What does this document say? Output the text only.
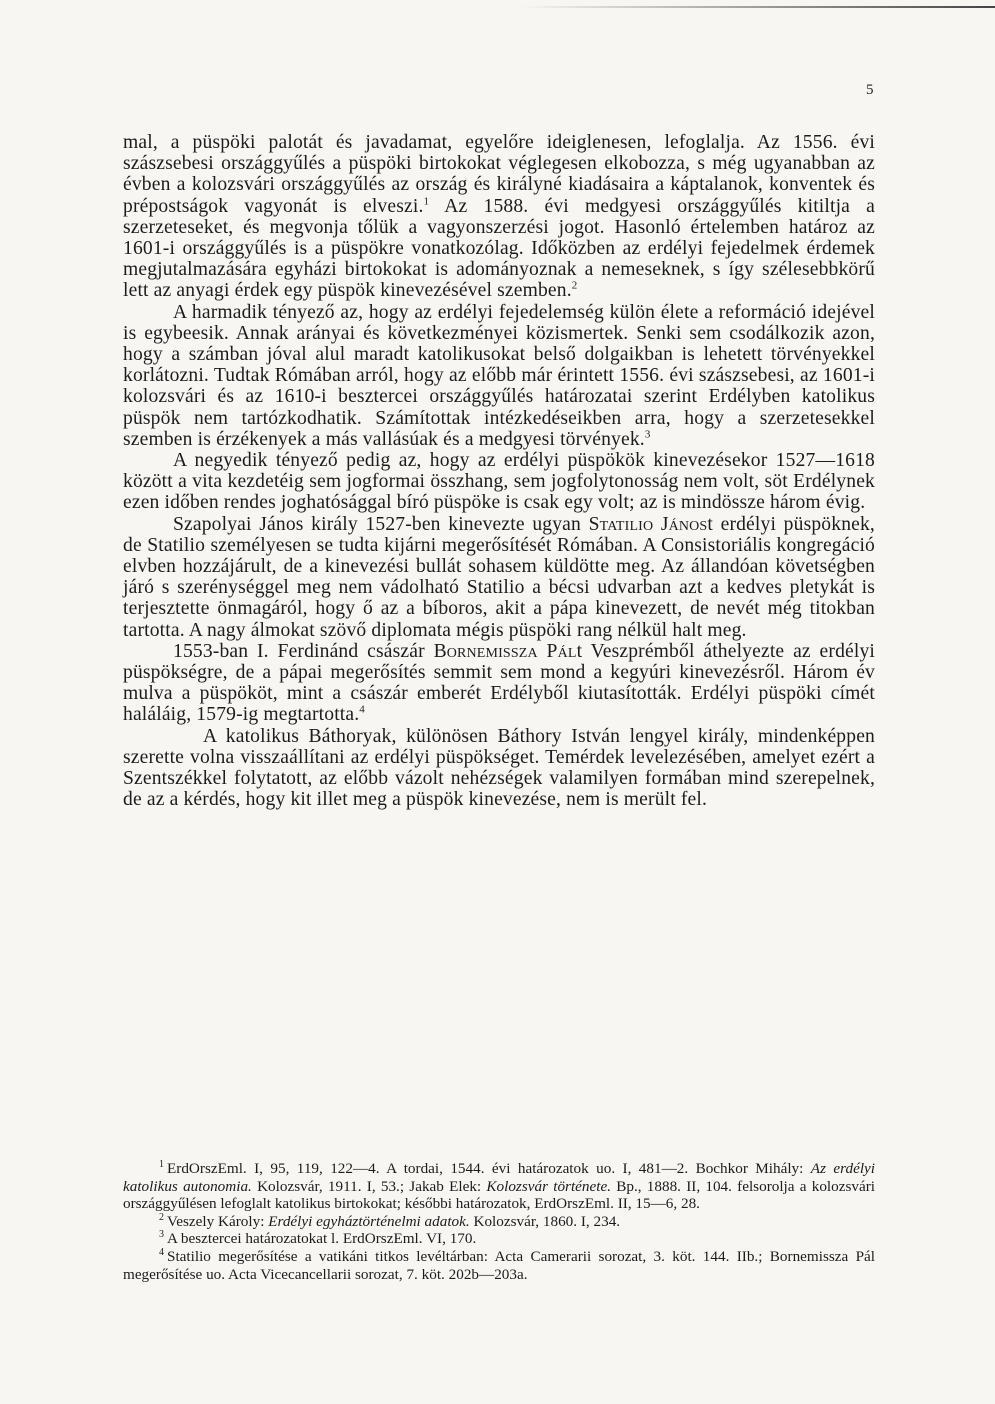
5

mal, a püspöki palotát és javadamat, egyelőre ideiglenesen, lefoglalja. Az 1556. évi szászsebesi országgyűlés a püspöki birtokokat véglegesen elkobozza, s még ugyanabban az évben a kolozsvári országgyűlés az ország és királyné kiadásaira a káptalanok, konventek és prépostságok vagyonát is elveszi.$^1$ Az 1588. évi medgyesi országgyűlés kitiltja a szerzeteseket, és megvonja tőlük a vagyonszerzési jogot. Hasonló értelemben határoz az 1601-i országgyűlés is a püspökre vonatkozólag. Időközben az erdélyi fejedelmek érdemek megjutalmazására egyházi birtokokat is adományoznak a nemeseknek, s így szélesebbkörű lett az anyagi érdek egy püspök kinevezésével szemben.$^2$

A harmadik tényező az, hogy az erdélyi fejedelemség külön élete a reformáció idejével is egybeesik. Annak arányai és következményei közismertek. Senki sem csodálkozik azon, hogy a számban jóval alul maradt katolikusokat belső dolgaikban is lehetett törvényekkel korlátozni. Tudtak Rómában arról, hogy az előbb már érintett 1556. évi szászsebesi, az 1601-i kolozsvári és az 1610-i besztercei országgyűlés határozatai szerint Erdélyben katolikus püspök nem tartózkodhatik. Számítottak intézkedéseikben arra, hogy a szerzetesekkel szemben is érzékenyek a más vallásúak és a medgyesi törvények.$^3$

A negyedik tényező pedig az, hogy az erdélyi püspökök kinevezésekor 1527—1618 között a vita kezdetéig sem jogformai összhang, sem jogfolytonosság nem volt, söt Erdélynek ezen időben rendes joghatósággal bíró püspöke is csak egy volt; az is mindössze három évig.

Szapolyai János király 1527-ben kinevezte ugyan Statilio Jánost erdélyi püspöknek, de Statilio személyesen se tudta kijárni megerősítését Rómában. A Consistoriális kongregáció elvben hozzájárult, de a kinevezési bullát sohasem küldötte meg. Az állandóan követségben járó s szerénységgel meg nem vádolható Statilio a bécsi udvarban azt a kedves pletykát is terjesztette önmagáról, hogy ő az a bíboros, akit a pápa kinevezett, de nevét még titokban tartotta. A nagy álmokat szövő diplomata mégis püspöki rang nélkül halt meg.

1553-ban I. Ferdinánd császár Bornemissza Pált Veszprémből áthelyezte az erdélyi püspökségre, de a pápai megerősítés semmit sem mond a kegyúri kinevezésről. Három év mulva a püspököt, mint a császár emberét Erdélyből kiutasították. Erdélyi püspöki címét haláláig, 1579-ig megtartotta.$^4$

A katolikus Báthoryak, különösen Báthory István lengyel király, mindenképpen szerette volna visszaállítani az erdélyi püspökséget. Temérdek levelezésében, amelyet ezért a Szentszékkel folytatott, az előbb vázolt nehézségek valamilyen formában mind szerepelnek, de az a kérdés, hogy kit illet meg a püspök kinevezése, nem is merült fel.

$^1$ ErdOrszEml. I, 95, 119, 122—4. A tordai, 1544. évi határozatok uo. I, 481—2. Bochkor Mihály: Az erdélyi katolikus autonomia. Kolozsvár, 1911. I, 53.; Jakab Elek: Kolozsvár története. Bp., 1888. II, 104. felsorolja a kolozsvári országgyűlésen lefoglalt katolikus birtokokat; későbbi határozatok, ErdOrszEml. II, 15—6, 28.

$^2$ Veszely Károly: Erdélyi egyháztörténelmi adatok. Kolozsvár, 1860. I, 234.

$^3$ A besztercei határozatokat l. ErdOrszEml. VI, 170.

$^4$ Statilio megerősítése a vatikáni titkos levéltárban: Acta Camerarii sorozat, 3. köt. 144. IIb.; Bornemissza Pál megerősítése uo. Acta Vicecancellarii sorozat, 7. köt. 202b—203a.
